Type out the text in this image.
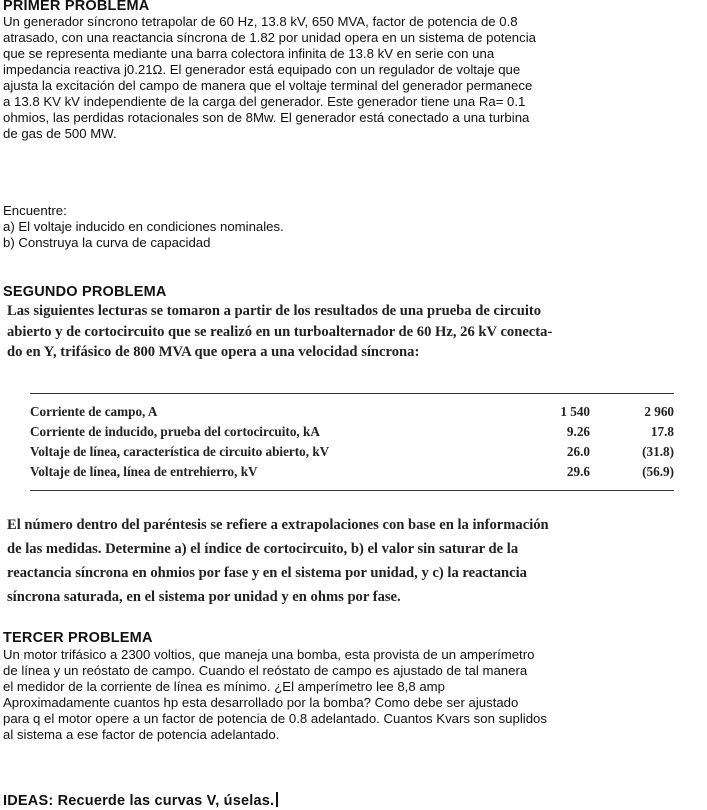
PRIMER PROBLEMA
Un generador síncrono tetrapolar de 60 Hz, 13.8 kV, 650 MVA, factor de potencia de 0.8
atrasado, con una reactancia síncrona de 1.82 por unidad opera en un sistema de potencia
que se representa mediante una barra colectora infinita de 13.8 kV en serie con una
impedancia reactiva j0.21Ω. El generador está equipado con un regulador de voltaje que
ajusta la excitación del campo de manera que el voltaje terminal del generador permanece
a 13.8 KV kV independiente de la carga del generador. Este generador tiene una Ra= 0.1
ohmios, las perdidas rotacionales son de 8Mw. El generador está conectado a una turbina
de gas de 500 MW.
Encuentre:
a) El voltaje inducido en condiciones nominales.
b) Construya la curva de capacidad
SEGUNDO PROBLEMA
Las siguientes lecturas se tomaron a partir de los resultados de una prueba de circuito
abierto y de cortocircuito que se realizó en un turboalternador de 60 Hz, 26 kV conecta-
do en Y, trifásico de 800 MVA que opera a una velocidad síncrona:
Corriente de campo, A	1 540	2 960
Corriente de inducido, prueba del cortocircuito, kA	9.26	17.8
Voltaje de línea, característica de circuito abierto, kV	26.0	(31.8)
Voltaje de línea, línea de entrehierro, kV	29.6	(56.9)
El número dentro del paréntesis se refiere a extrapolaciones con base en la información
de las medidas. Determine a) el índice de cortocircuito, b) el valor sin saturar de la
reactancia síncrona en ohmios por fase y en el sistema por unidad, y c) la reactancia
síncrona saturada, en el sistema por unidad y en ohms por fase.
TERCER PROBLEMA
Un motor trifásico a 2300 voltios, que maneja una bomba, esta provista de un amperímetro
de línea y un reóstato de campo. Cuando el reóstato de campo es ajustado de tal manera
el medidor de la corriente de línea es mínimo. ¿El amperímetro lee 8,8 amp
Aproximadamente cuantos hp esta desarrollado por la bomba? Como debe ser ajustado
para q el motor opere a un factor de potencia de 0.8 adelantado. Cuantos Kvars son suplidos
al sistema a ese factor de potencia adelantado.
IDEAS: Recuerde las curvas V, úselas.
